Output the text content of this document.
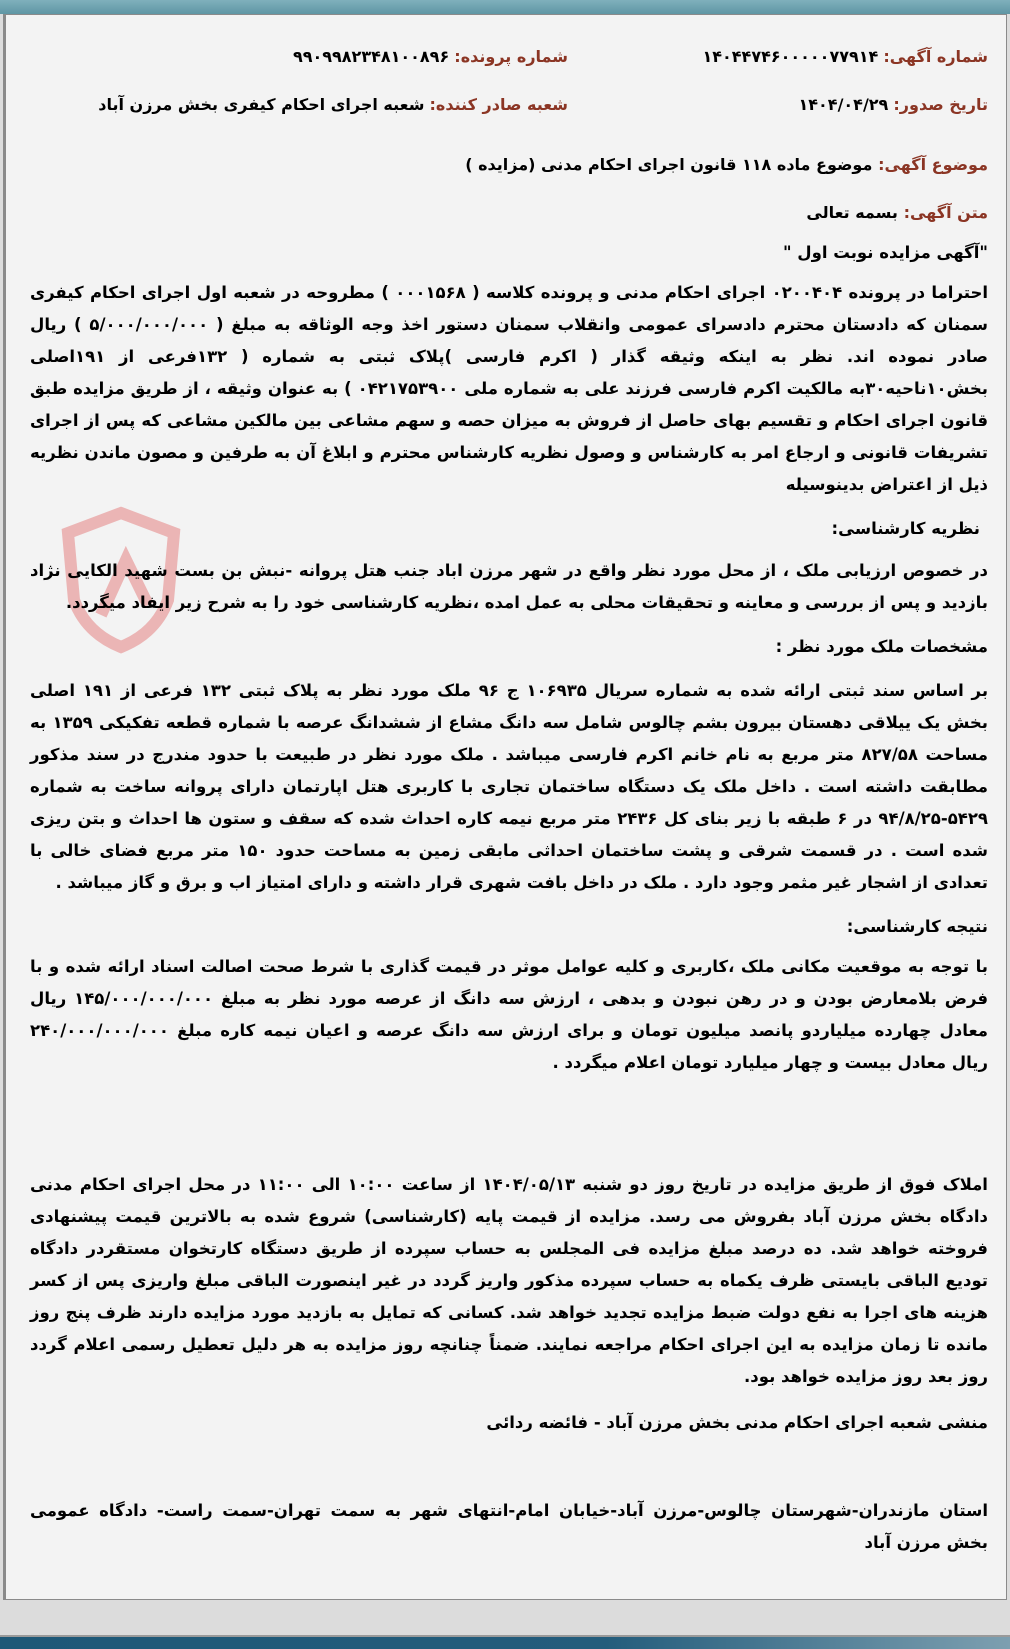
شماره آگهی: ۱۴۰۴۴۷۴۶۰۰۰۰۰۷۷۹۱۴
شماره پرونده: ۹۹۰۹۹۸۲۳۴۸۱۰۰۸۹۶
تاریخ صدور: ۱۴۰۴/۰۴/۲۹
شعبه صادر کننده: شعبه اجرای احکام کیفری بخش مرزن آباد
موضوع آگهی: موضوع ماده ۱۱۸ قانون اجرای احکام مدنی (مزایده )
متن آگهی: بسمه تعالی
"آگهی مزایده نوبت اول "
احتراما در پرونده ۰۲۰۰۴۰۴ اجرای احکام مدنی و پرونده کلاسه ( ۰۰۰۱۵۶۸ ) مطروحه در شعبه اول اجرای احکام کیفری سمنان که دادستان محترم دادسرای عمومی وانقلاب سمنان دستور اخذ وجه الوثاقه به مبلغ ( ۵/۰۰۰/۰۰۰/۰۰۰ ) ریال صادر نموده اند. نظر به اینکه وثیقه گذار ( اکرم فارسی )پلاک ثبتی به شماره ( ۱۳۲فرعی از ۱۹۱اصلی بخش۱۰ناحیه۳۰به مالکیت اکرم فارسی فرزند علی به شماره ملی ۰۴۲۱۷۵۳۹۰۰ ) به عنوان وثیقه ، از طریق مزایده طبق قانون اجرای احکام و تقسیم بهای حاصل از فروش به میزان حصه و سهم مشاعی بین مالکین مشاعی که پس از اجرای تشریفات قانونی و ارجاع امر به کارشناس و وصول نظریه کارشناس محترم و ابلاغ آن به طرفین و مصون ماندن نظریه ذیل از اعتراض بدینوسیله
نظریه کارشناسی:
در خصوص ارزیابی ملک ، از محل مورد نظر واقع در شهر مرزن اباد جنب هتل پروانه -نبش بن بست شهید الکایی نژاد بازدید و پس از بررسی و معاینه و تحقیقات محلی به عمل امده ،نظریه کارشناسی خود را به شرح زیر ایفاد میگردد.
مشخصات ملک مورد نظر :
بر اساس سند ثبتی ارائه شده به شماره سریال ۱۰۶۹۳۵ ج ۹۶ ملک مورد نظر به پلاک ثبتی ۱۳۲ فرعی از ۱۹۱ اصلی بخش یک ییلاقی دهستان بیرون بشم چالوس شامل سه دانگ مشاع از ششدانگ عرصه با شماره قطعه تفکیکی ۱۳۵۹ به مساحت ۸۲۷/۵۸ متر مربع به نام خانم اکرم فارسی میباشد . ملک مورد نظر در طبیعت با حدود مندرج در سند مذکور مطابقت داشته است . داخل ملک یک دستگاه ساختمان تجاری با کاربری هتل اپارتمان دارای پروانه ساخت به شماره ۵۴۲۹-۹۴/۸/۲۵ در ۶ طبقه با زیر بنای کل ۲۴۳۶ متر مربع نیمه کاره احداث شده که سقف و ستون ها احداث و بتن ریزی شده است . در قسمت شرقی و پشت ساختمان احداثی مابقی زمین به مساحت حدود ۱۵۰ متر مربع فضای خالی با تعدادی از اشجار غیر مثمر وجود دارد . ملک در داخل بافت شهری قرار داشته و دارای امتیاز اب و برق و گاز میباشد .
نتیجه کارشناسی:
با توجه به موقعیت مکانی ملک ،کاربری و کلیه عوامل موثر در قیمت گذاری با شرط صحت اصالت اسناد ارائه شده و با فرض بلامعارض بودن و در رهن نبودن و بدهی ، ارزش سه دانگ از عرصه مورد نظر به مبلغ ۱۴۵/۰۰۰/۰۰۰/۰۰۰ ریال معادل چهارده میلیاردو پانصد میلیون تومان و برای ارزش سه دانگ عرصه و اعیان نیمه کاره مبلغ ۲۴۰/۰۰۰/۰۰۰/۰۰۰ ریال معادل بیست و چهار میلیارد تومان اعلام میگردد .
املاک فوق از طریق مزایده در تاریخ روز دو شنبه ۱۴۰۴/۰۵/۱۳ از ساعت ۱۰:۰۰ الی ۱۱:۰۰ در محل اجرای احکام مدنی دادگاه بخش مرزن آباد بفروش می رسد. مزایده از قیمت پایه (کارشناسی) شروع شده به بالاترین قیمت پیشنهادی فروخته خواهد شد. ده درصد مبلغ مزایده فی المجلس به حساب سپرده از طریق دستگاه کارتخوان مستقردر دادگاه تودیع الباقی بایستی ظرف یکماه به حساب سپرده مذکور واریز گردد در غیر اینصورت الباقی مبلغ واریزی پس از کسر هزینه های اجرا به نفع دولت ضبط مزایده تجدید خواهد شد. کسانی که تمایل به بازدید مورد مزایده دارند ظرف پنج روز مانده تا زمان مزایده به این اجرای احکام مراجعه نمایند. ضمناً چنانچه روز مزایده به هر دلیل تعطیل رسمی اعلام گردد روز بعد روز مزایده خواهد بود.
منشی شعبه اجرای احکام مدنی بخش مرزن آباد - فائضه ردائی
استان مازندران-شهرستان چالوس-مرزن آباد-خیابان امام-انتهای شهر به سمت تهران-سمت راست- دادگاه عمومی بخش مرزن آباد
